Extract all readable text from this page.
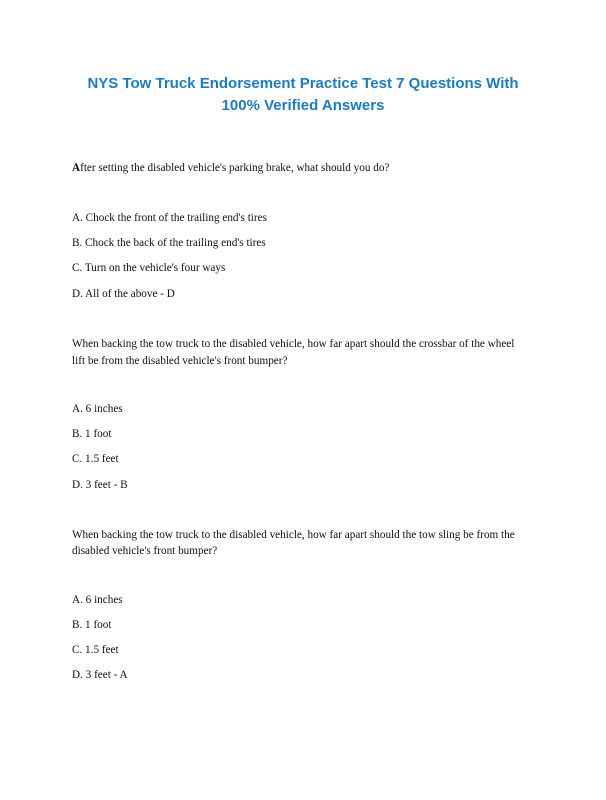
NYS Tow Truck Endorsement Practice Test 7 Questions With

100% Verified Answers

After setting the disabled vehicle's parking brake, what should you do?

A. Chock the front of the trailing end's tires

B. Chock the back of the trailing end's tires

C. Turn on the vehicle's four ways

D. All of the above - D

When backing the tow truck to the disabled vehicle, how far apart should the crossbar of the wheel

lift be from the disabled vehicle's front bumper?

A. 6 inches

B. 1 foot

C. 1.5 feet

D. 3 feet - B

When backing the tow truck to the disabled vehicle, how far apart should the tow sling be from the

disabled vehicle's front bumper?

A. 6 inches

B. 1 foot

C. 1.5 feet

D. 3 feet - A
